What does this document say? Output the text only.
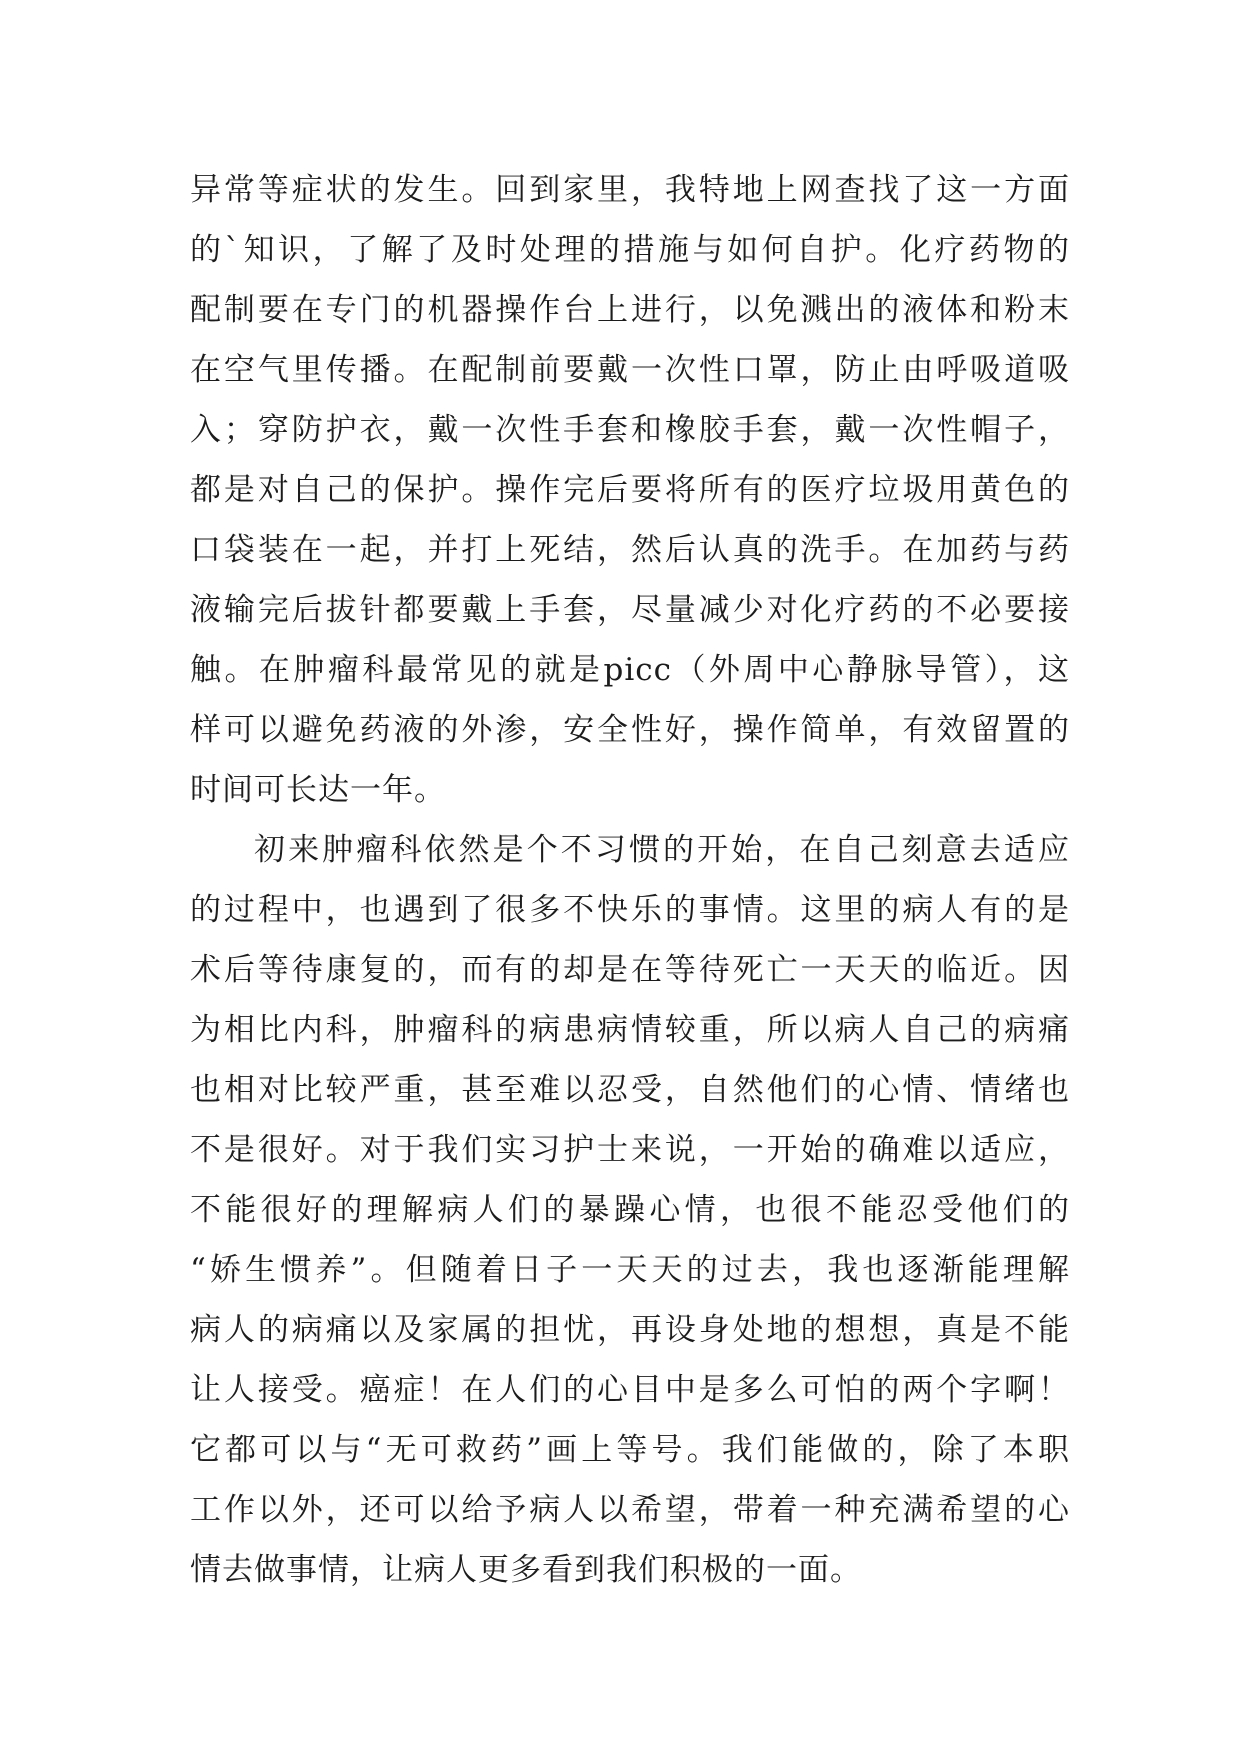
异常等症状的发生。回到家里，我特地上网查找了这一方面
的`知识，了解了及时处理的措施与如何自护。化疗药物的
配制要在专门的机器操作台上进行，以免溅出的液体和粉末
在空气里传播。在配制前要戴一次性口罩，防止由呼吸道吸
入；穿防护衣，戴一次性手套和橡胶手套，戴一次性帽子，
都是对自己的保护。操作完后要将所有的医疗垃圾用黄色的
口袋装在一起，并打上死结，然后认真的洗手。在加药与药
液输完后拔针都要戴上手套，尽量减少对化疗药的不必要接
触。在肿瘤科最常见的就是picc（外周中心静脉导管），这
样可以避免药液的外渗，安全性好，操作简单，有效留置的
时间可长达一年。
初来肿瘤科依然是个不习惯的开始，在自己刻意去适应
的过程中，也遇到了很多不快乐的事情。这里的病人有的是
术后等待康复的，而有的却是在等待死亡一天天的临近。因
为相比内科，肿瘤科的病患病情较重，所以病人自己的病痛
也相对比较严重，甚至难以忍受，自然他们的心情、情绪也
不是很好。对于我们实习护士来说，一开始的确难以适应，
不能很好的理解病人们的暴躁心情，也很不能忍受他们的
“娇生惯养”。但随着日子一天天的过去，我也逐渐能理解
病人的病痛以及家属的担忧，再设身处地的想想，真是不能
让人接受。癌症！在人们的心目中是多么可怕的两个字啊！
它都可以与“无可救药”画上等号。我们能做的，除了本职
工作以外，还可以给予病人以希望，带着一种充满希望的心
情去做事情，让病人更多看到我们积极的一面。
